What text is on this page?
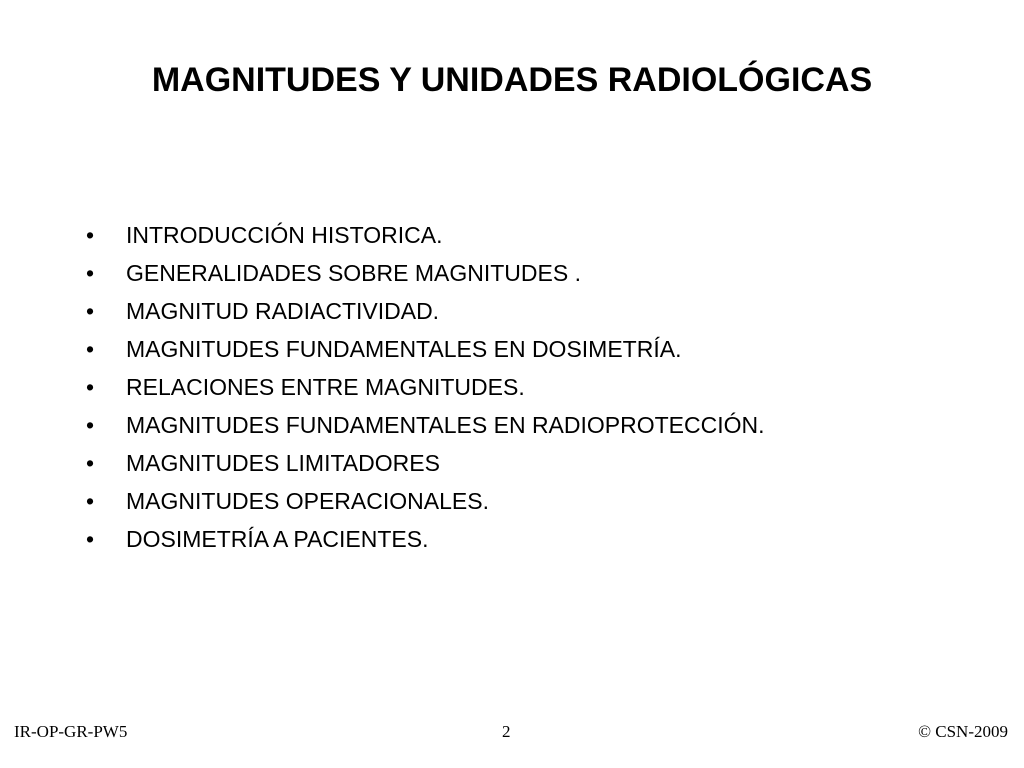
MAGNITUDES Y UNIDADES RADIOLÓGICAS
•	INTRODUCCIÓN HISTORICA.
•	GENERALIDADES SOBRE MAGNITUDES .
•	MAGNITUD RADIACTIVIDAD.
•	MAGNITUDES FUNDAMENTALES EN DOSIMETRÍA.
•	RELACIONES ENTRE MAGNITUDES.
•	MAGNITUDES FUNDAMENTALES EN RADIOPROTECCIÓN.
•	MAGNITUDES LIMITADORES
•	MAGNITUDES OPERACIONALES.
•	DOSIMETRÍA A PACIENTES.
IR-OP-GR-PW5	2	© CSN-2009
